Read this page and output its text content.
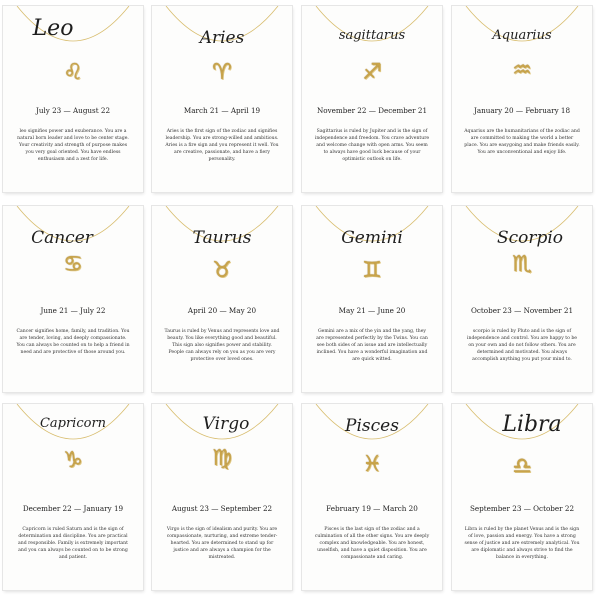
Leo
♌
July 23 — August 22
leo signifies power and exuberance. You are a natural born leader and love to be center stage. Your creativity and strength of purpose makes you very goal oriented. You have endless enthusiasm and a zest for life.
Aries
♈
March 21 — April 19
Aries is the first sign of the zodiac and signifies leadership. You are strong-willed and ambitious. Aries is a fire sign and you represent it well. You are creative, passionate, and have a fiery personality.
sagittarus
♐
November 22 — December 21
Sagittarius is ruled by Jupiter and is the sign of independence and freedom. You crave adventure and welcome change with open arms. You seem to always have good luck because of your optimistic outlook on life.
Aquarius
♒
January 20 — February 18
Aquarius are the humanitarians of the zodiac and are committed to making the world a better place. You are easygoing and make friends easily. You are unconventional and enjoy life.
Cancer
♋
June 21 — July 22
Cancer signifies home, family, and tradition. You are tender, loving, and deeply compassionate. You can always be counted on to help a friend in need and are protective of those around you.
Taurus
♉
April 20 — May 20
Taurus is ruled by Venus and represents love and beauty. You like everything good and beautiful. This sign also signifies power and stability. People can always rely on you as you are very protective over loved ones.
Gemini
♊
May 21 — June 20
Gemini are a mix of the yin and the yang, they are represented perfectly by the Twins. You can see both sides of an issue and are intellectually inclined. You have a wonderful imagination and are quick witted.
Scorpio
♏
October 23 — November 21
scorpio is ruled by Pluto and is the sign of independence and control. You are happy to be on your own and do not follow others. You are determined and motivated. You always accomplish anything you put your mind to.
Capricorn
♑
December 22 — January 19
Capricorn is ruled Saturn and is the sign of determination and discipline. You are practical and responsible. Family is extremely important and you can always be counted on to be strong and patient.
Virgo
♍
August 23 — September 22
Virgo is the sign of idealism and purity. You are compassionate, nurturing, and extreme tender-hearted. You are determined to stand up for justice and are always a champion for the mistreated.
Pisces
♓
February 19 — March 20
Pisces is the last sign of the zodiac and a culmination of all the other signs. You are deeply complex and knowledgeable. You are honest, unselfish, and have a quiet disposition. You are compassionate and caring.
Libra
♎
September 23 — October 22
Libra is ruled by the planet Venus and is the sign of love, passion and energy. You have a strong sense of justice and are extremely analytical. You are diplomatic and always strive to find the balance in everything.
